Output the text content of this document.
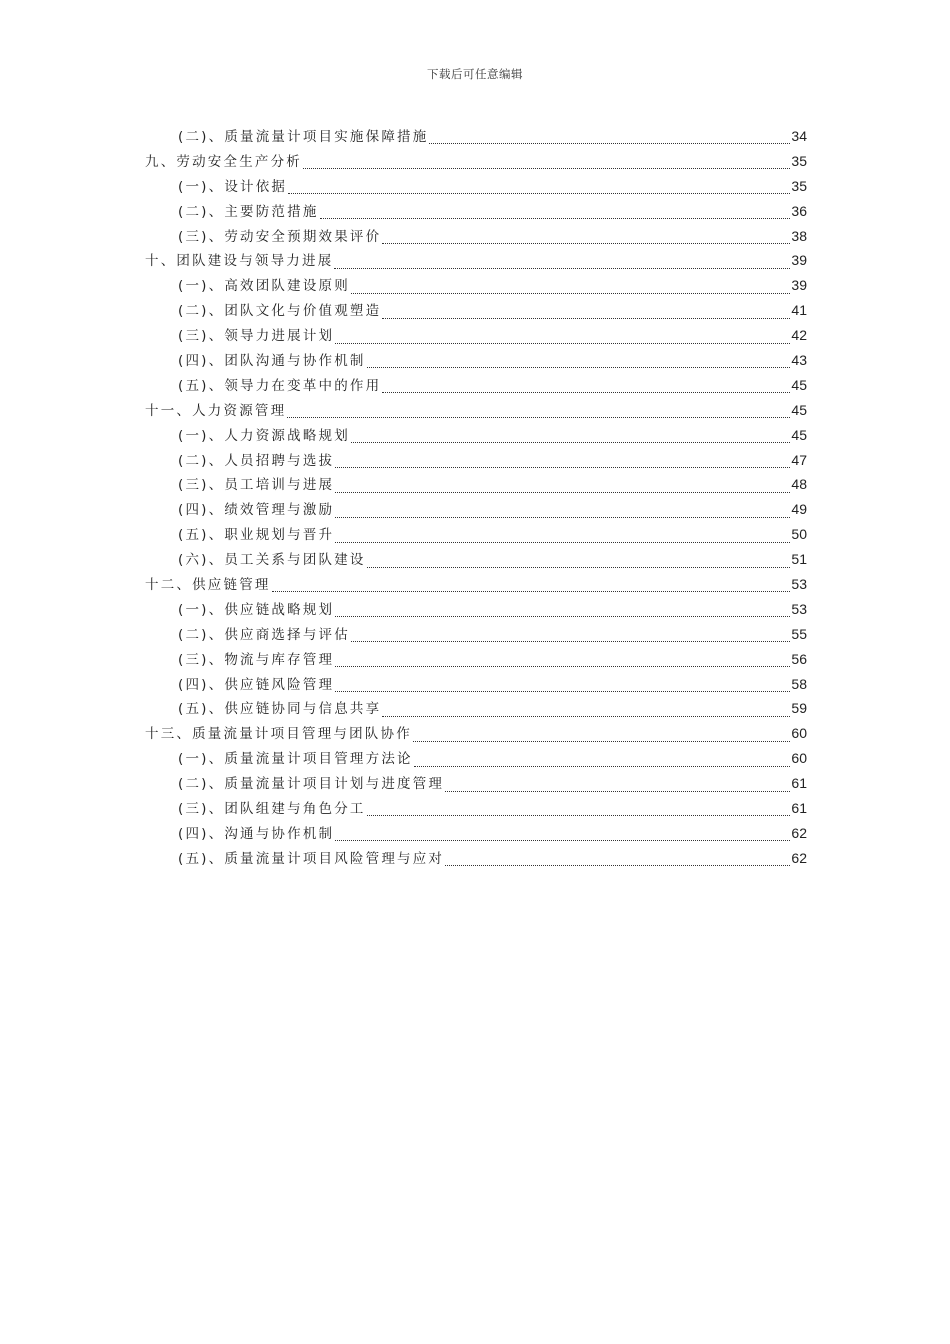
下载后可任意编辑
(二)、质量流量计项目实施保障措施	34
九、劳动安全生产分析	35
(一)、设计依据	35
(二)、主要防范措施	36
(三)、劳动安全预期效果评价	38
十、团队建设与领导力进展	39
(一)、高效团队建设原则	39
(二)、团队文化与价值观塑造	41
(三)、领导力进展计划	42
(四)、团队沟通与协作机制	43
(五)、领导力在变革中的作用	45
十一、人力资源管理	45
(一)、人力资源战略规划	45
(二)、人员招聘与选拔	47
(三)、员工培训与进展	48
(四)、绩效管理与激励	49
(五)、职业规划与晋升	50
(六)、员工关系与团队建设	51
十二、供应链管理	53
(一)、供应链战略规划	53
(二)、供应商选择与评估	55
(三)、物流与库存管理	56
(四)、供应链风险管理	58
(五)、供应链协同与信息共享	59
十三、质量流量计项目管理与团队协作	60
(一)、质量流量计项目管理方法论	60
(二)、质量流量计项目计划与进度管理	61
(三)、团队组建与角色分工	61
(四)、沟通与协作机制	62
(五)、质量流量计项目风险管理与应对	62
